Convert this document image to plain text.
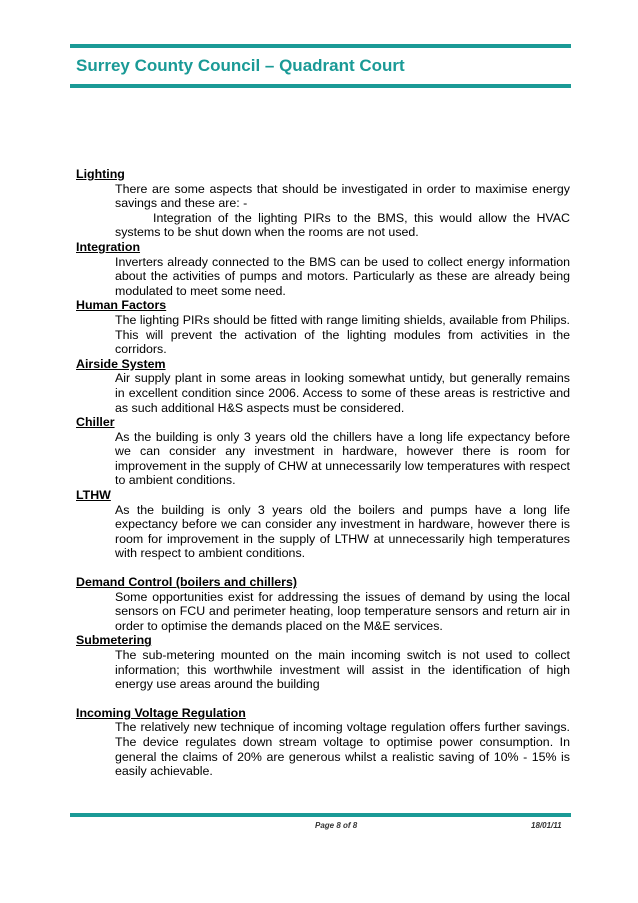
Surrey County Council – Quadrant Court
Lighting

There are some aspects that should be investigated in order to maximise energy savings and these are: -

Integration of the lighting PIRs to the BMS, this would allow the HVAC systems to be shut down when the rooms are not used.

Integration
Inverters already connected to the BMS can be used to collect energy information about the activities of pumps and motors. Particularly as these are already being modulated to meet some need.
Human Factors
The lighting PIRs should be fitted with range limiting shields, available from Philips. This will prevent the activation of the lighting modules from activities in the corridors.
Airside System
Air supply plant in some areas in looking somewhat untidy, but generally remains in excellent condition since 2006. Access to some of these areas is restrictive and as such additional H&S aspects must be considered.
Chiller
As the building is only 3 years old the chillers have a long life expectancy before we can consider any investment in hardware, however there is room for improvement in the supply of CHW at unnecessarily low temperatures with respect to ambient conditions.
LTHW
As the building is only 3 years old the boilers and pumps have a long life expectancy before we can consider any investment in hardware, however there is room for improvement in the supply of LTHW at unnecessarily high temperatures with respect to ambient conditions.
Demand Control (boilers and chillers)
Some opportunities exist for addressing the issues of demand by using the local sensors on FCU and perimeter heating, loop temperature sensors and return air in order to optimise the demands placed on the M&E services.
Submetering
The sub-metering mounted on the main incoming switch is not used to collect information; this worthwhile investment will assist in the identification of high energy use areas around the building
Incoming Voltage Regulation
The relatively new technique of incoming voltage regulation offers further savings. The device regulates down stream voltage to optimise power consumption. In general the claims of 20% are generous whilst a realistic saving of 10% - 15% is easily achievable.
Page 8 of 8	18/01/11
